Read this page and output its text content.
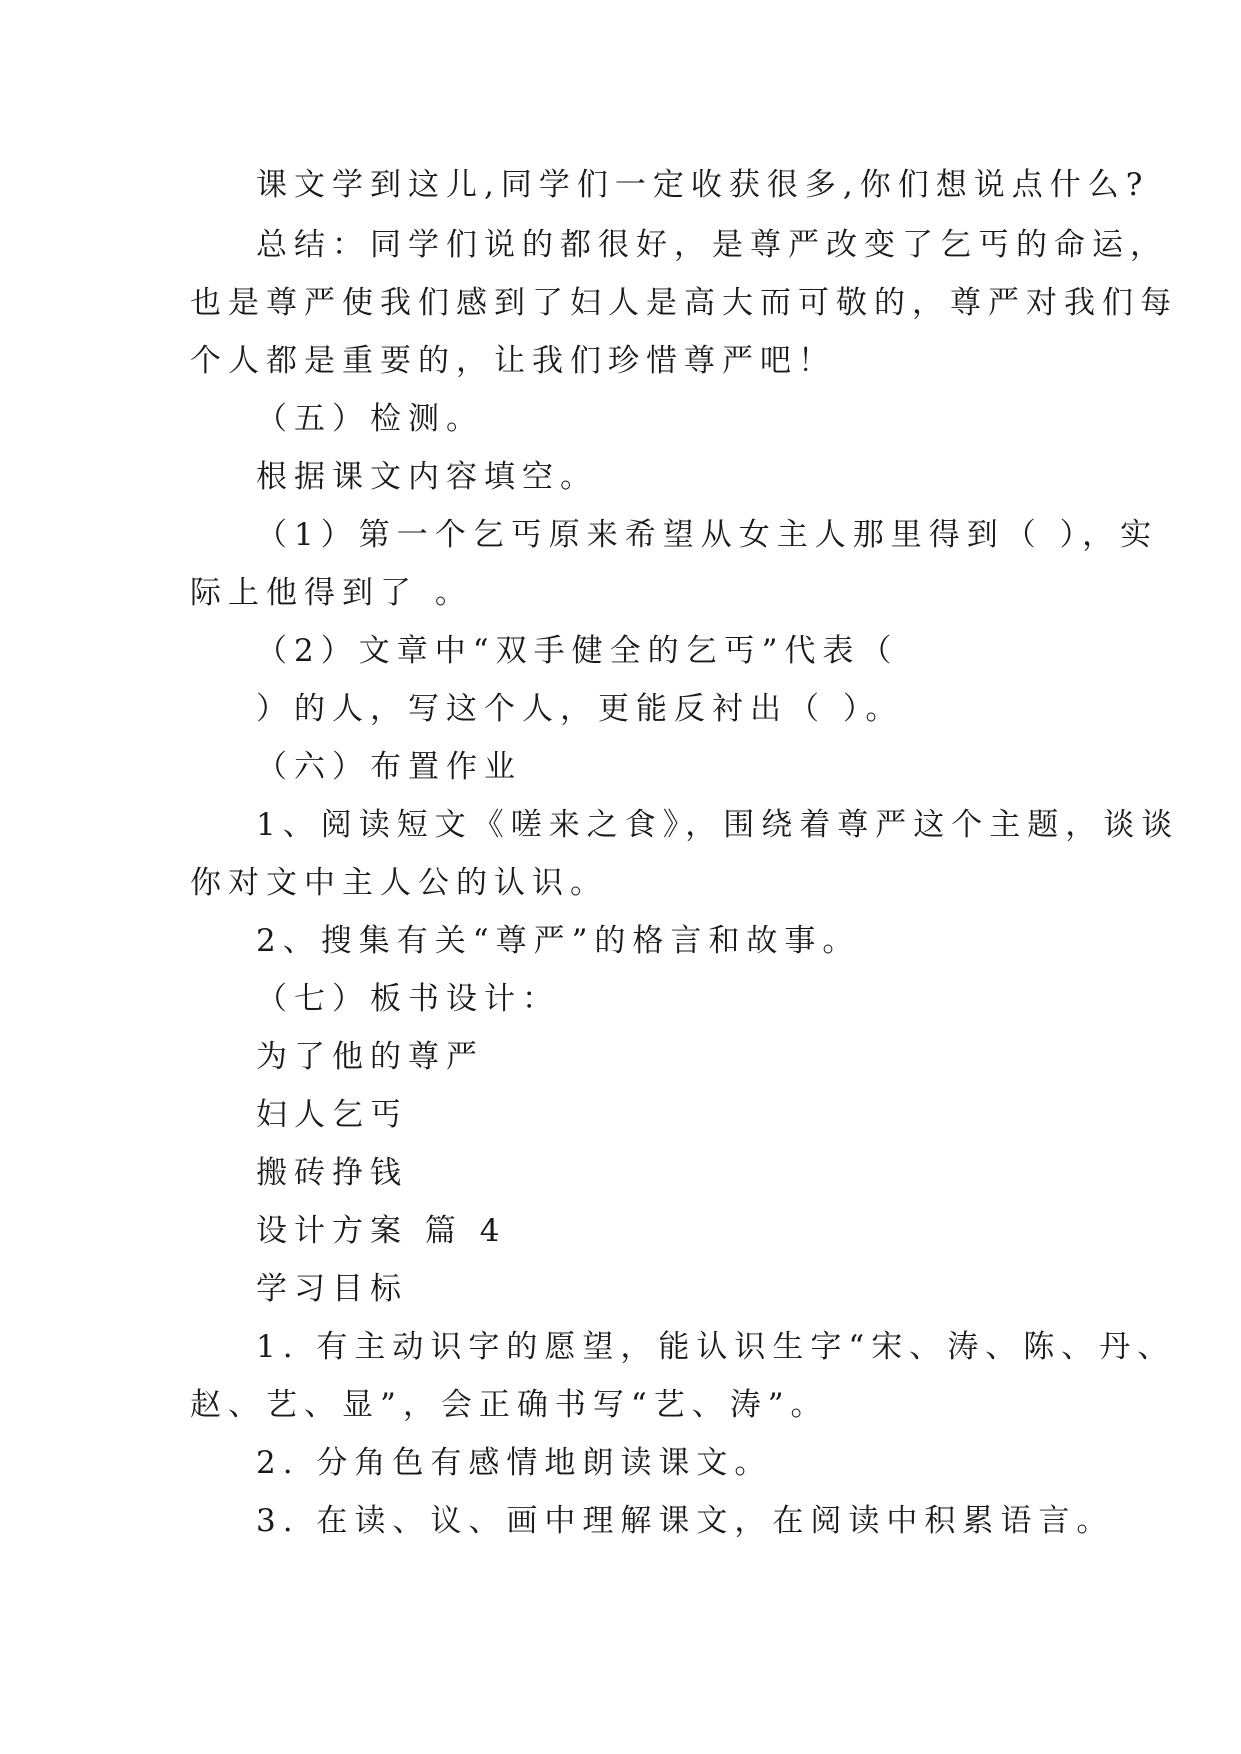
课文学到这儿,同学们一定收获很多,你们想说点什么?
总结：同学们说的都很好，是尊严改变了乞丐的命运，
也是尊严使我们感到了妇人是高大而可敬的，尊严对我们每
个人都是重要的，让我们珍惜尊严吧！
（五）检测。
根据课文内容填空。
（1）第一个乞丐原来希望从女主人那里得到（ ），实
际上他得到了 。
（2）文章中“双手健全的乞丐”代表（
）的人，写这个人，更能反衬出（ ）。
（六）布置作业
1、阅读短文《嗟来之食》，围绕着尊严这个主题，谈谈
你对文中主人公的认识。
2、搜集有关“尊严”的格言和故事。
（七）板书设计：
为了他的尊严
妇人乞丐
搬砖挣钱
设计方案 篇 4
学习目标
1. 有主动识字的愿望，能认识生字“宋、涛、陈、丹、
赵、艺、显”，会正确书写“艺、涛”。
2. 分角色有感情地朗读课文。
3. 在读、议、画中理解课文，在阅读中积累语言。
